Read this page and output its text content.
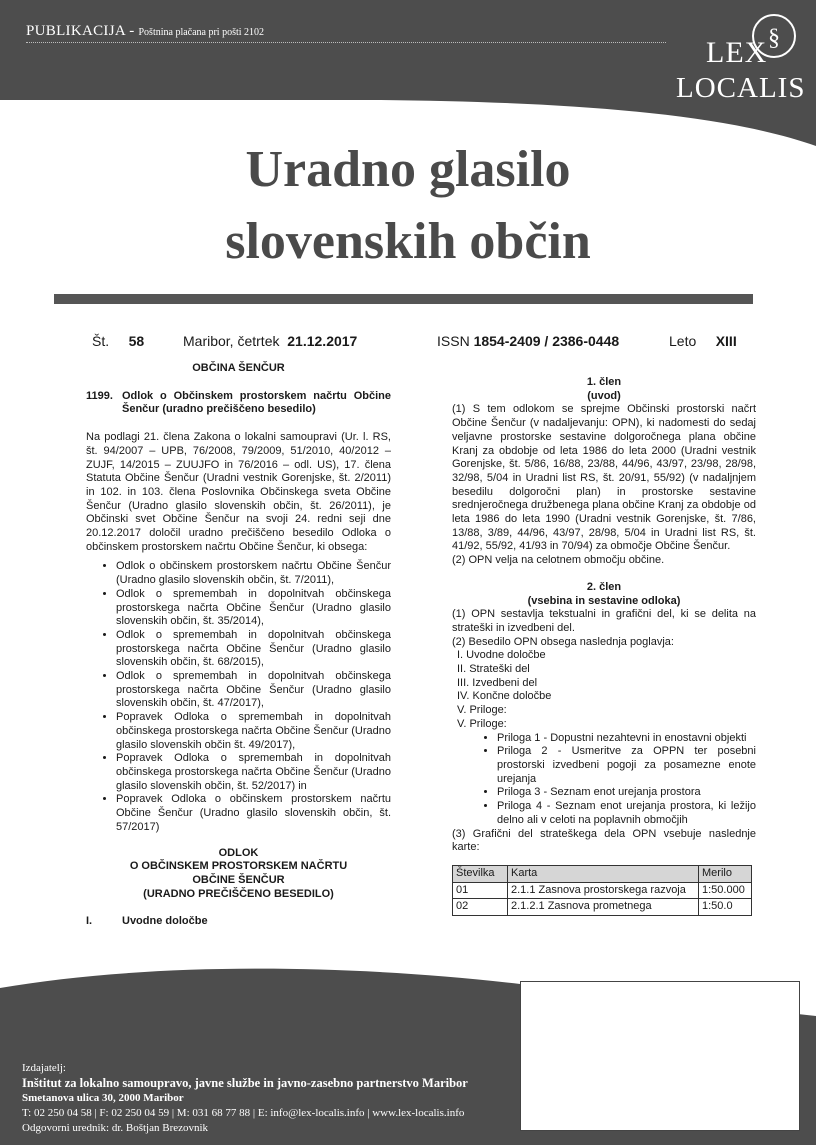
PUBLIKACIJA - Poštnina plačana pri pošti 2102	§
LEX
LOCALIS
Uradno glasilo
slovenskih občin
Št. 58	Maribor, četrtek 21.12.2017	ISSN 1854-2409 / 2386-0448	Leto XIII

OBČINA ŠENČUR

1199. Odlok o Občinskem prostorskem načrtu Občine Šenčur (uradno prečiščeno besedilo)

Na podlagi 21. člena Zakona o lokalni samoupravi (Ur. l. RS, št. 94/2007 – UPB, 76/2008, 79/2009, 51/2010, 40/2012 – ZUJF, 14/2015 – ZUUJFO in 76/2016 – odl. US), 17. člena Statuta Občine Šenčur (Uradni vestnik Gorenjske, št. 2/2011) in 102. in 103. člena Poslovnika Občinskega sveta Občine Šenčur (Uradno glasilo slovenskih občin, št. 26/2011), je Občinski svet Občine Šenčur na svoji 24. redni seji dne 20.12.2017 določil uradno prečiščeno besedilo Odloka o občinskem prostorskem načrtu Občine Šenčur, ki obsega:

• Odlok o občinskem prostorskem načrtu Občine Šenčur (Uradno glasilo slovenskih občin, št. 7/2011),
• Odlok o spremembah in dopolnitvah občinskega prostorskega načrta Občine Šenčur (Uradno glasilo slovenskih občin, št. 35/2014),
• Odlok o spremembah in dopolnitvah občinskega prostorskega načrta Občine Šenčur (Uradno glasilo slovenskih občin, št. 68/2015),
• Odlok o spremembah in dopolnitvah občinskega prostorskega načrta Občine Šenčur (Uradno glasilo slovenskih občin, št. 47/2017),
• Popravek Odloka o spremembah in dopolnitvah občinskega prostorskega načrta Občine Šenčur (Uradno glasilo slovenskih občin št. 49/2017),
• Popravek Odloka o spremembah in dopolnitvah občinskega prostorskega načrta Občine Šenčur (Uradno glasilo slovenskih občin, št. 52/2017) in
• Popravek Odloka o občinskem prostorskem načrtu Občine Šenčur (Uradno glasilo slovenskih občin, št. 57/2017)
ODLOK
O OBČINSKEM PROSTORSKEM NAČRTU
OBČINE ŠENČUR
(URADNO PREČIŠČENO BESEDILO)
I.	Uvodne določbe

1. člen

(uvod)

(1) S tem odlokom se sprejme Občinski prostorski načrt Občine Šenčur (v nadaljevanju: OPN), ki nadomesti do sedaj veljavne prostorske sestavine dolgoročnega plana občine Kranj za obdobje od leta 1986 do leta 2000 (Uradni vestnik Gorenjske, št. 5/86, 16/88, 23/88, 44/96, 43/97, 23/98, 28/98, 32/98, 5/04 in Uradni list RS, št. 20/91, 55/92) (v nadaljnjem besedilu dolgoročni plan) in prostorske sestavine srednjeročnega družbenega plana občine Kranj za obdobje od leta 1986 do leta 1990 (Uradni vestnik Gorenjske, št. 7/86, 13/88, 3/89, 44/96, 43/97, 28/98, 5/04 in Uradni list RS, št. 41/92, 55/92, 41/93 in 70/94) za območje Občine Šenčur.

(2) OPN velja na celotnem območju občine.

2. člen

(vsebina in sestavine odloka)

(1) OPN sestavlja tekstualni in grafični del, ki se delita na strateški in izvedbeni del.

(2) Besedilo OPN obsega naslednja poglavja:

I. Uvodne določbe
II. Strateški del
III. Izvedbeni del
IV. Končne določbe
V. Priloge:
V. Priloge:
• Priloga 1 - Dopustni nezahtevni in enostavni objekti
• Priloga 2 - Usmeritve za OPPN ter posebni prostorski izvedbeni pogoji za posamezne enote urejanja
• Priloga 3 - Seznam enot urejanja prostora
• Priloga 4 - Seznam enot urejanja prostora, ki ležijo delno ali v celoti na poplavnih območjih

(3) Grafični del strateškega dela OPN vsebuje naslednje karte:

Številka	Karta	Merilo
01	2.1.1 Zasnova prostorskega razvoja	1:50.000
02	2.1.2.1 Zasnova prometnega	1:50.0
Izdajatelj:
Inštitut za lokalno samoupravo, javne službe in javno-zasebno partnerstvo Maribor
Smetanova ulica 30, 2000 Maribor
T: 02 250 04 58 | F: 02 250 04 59 | M: 031 68 77 88 | E: info@lex-localis.info | www.lex-localis.info
Odgovorni urednik: dr. Boštjan Brezovnik
